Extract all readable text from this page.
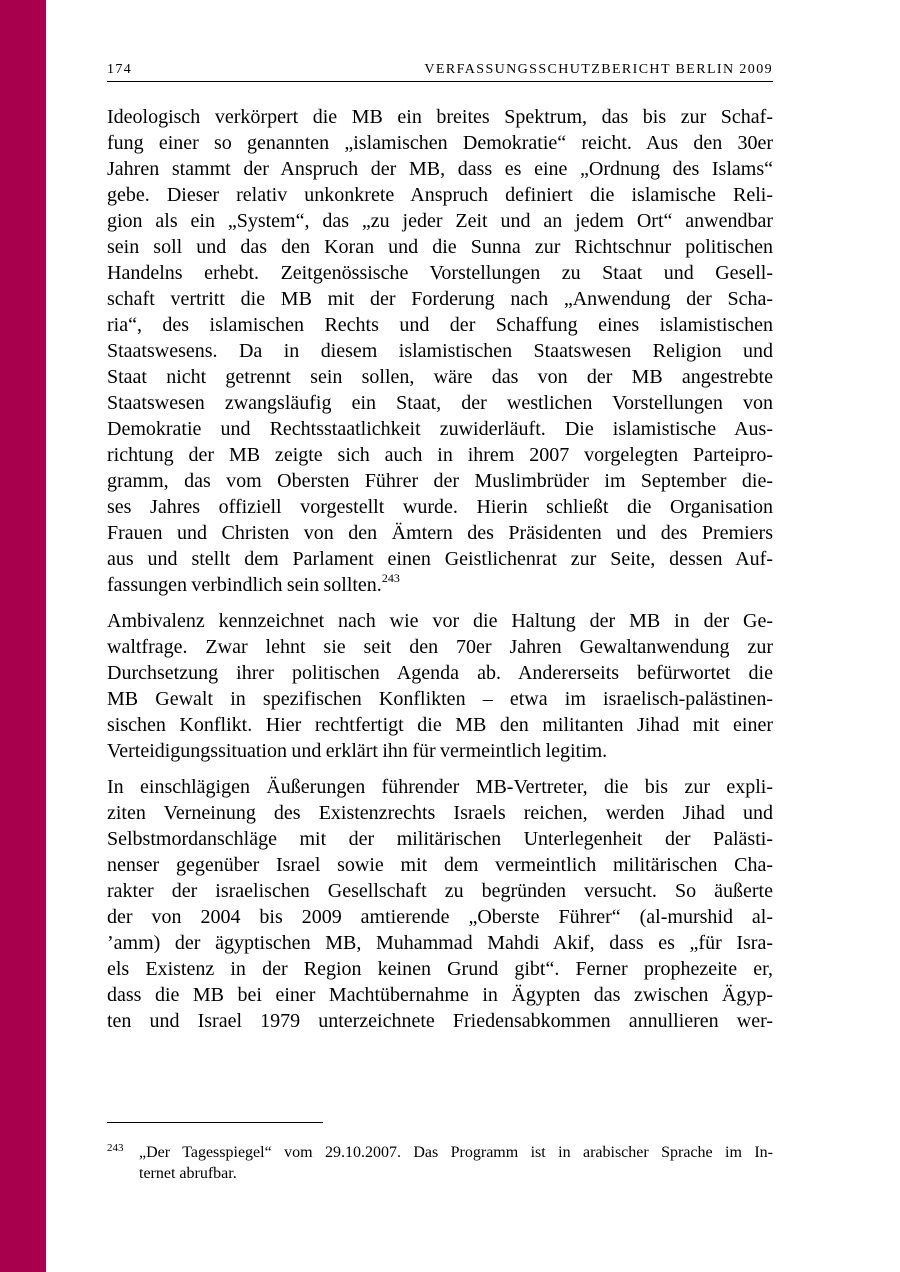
174	VERFASSUNGSSCHUTZBERICHT BERLIN 2009

Ideologisch verkörpert die MB ein breites Spektrum, das bis zur Schaf-
fung einer so genannten „islamischen Demokratie“ reicht. Aus den 30er
Jahren stammt der Anspruch der MB, dass es eine „Ordnung des Islams“
gebe. Dieser relativ unkonkrete Anspruch definiert die islamische Reli-
gion als ein „System“, das „zu jeder Zeit und an jedem Ort“ anwendbar
sein soll und das den Koran und die Sunna zur Richtschnur politischen
Handelns erhebt. Zeitgenössische Vorstellungen zu Staat und Gesell-
schaft vertritt die MB mit der Forderung nach „Anwendung der Scha-
ria“, des islamischen Rechts und der Schaffung eines islamistischen
Staatswesens. Da in diesem islamistischen Staatswesen Religion und
Staat nicht getrennt sein sollen, wäre das von der MB angestrebte
Staatswesen zwangsläufig ein Staat, der westlichen Vorstellungen von
Demokratie und Rechtsstaatlichkeit zuwiderläuft. Die islamistische Aus-
richtung der MB zeigte sich auch in ihrem 2007 vorgelegten Parteipro-
gramm, das vom Obersten Führer der Muslimbrüder im September die-
ses Jahres offiziell vorgestellt wurde. Hierin schließt die Organisation
Frauen und Christen von den Ämtern des Präsidenten und des Premiers
aus und stellt dem Parlament einen Geistlichenrat zur Seite, dessen Auf-
fassungen verbindlich sein sollten.$^{243}$

Ambivalenz kennzeichnet nach wie vor die Haltung der MB in der Ge-
waltfrage. Zwar lehnt sie seit den 70er Jahren Gewaltanwendung zur
Durchsetzung ihrer politischen Agenda ab. Andererseits befürwortet die
MB Gewalt in spezifischen Konflikten – etwa im israelisch-palästinen-
sischen Konflikt. Hier rechtfertigt die MB den militanten Jihad mit einer
Verteidigungssituation und erklärt ihn für vermeintlich legitim.

In einschlägigen Äußerungen führender MB-Vertreter, die bis zur expli-
ziten Verneinung des Existenzrechts Israels reichen, werden Jihad und
Selbstmordanschläge mit der militärischen Unterlegenheit der Palästi-
nenser gegenüber Israel sowie mit dem vermeintlich militärischen Cha-
rakter der israelischen Gesellschaft zu begründen versucht. So äußerte
der von 2004 bis 2009 amtierende „Oberste Führer“ (al-murshid al-
’amm) der ägyptischen MB, Muhammad Mahdi Akif, dass es „für Isra-
els Existenz in der Region keinen Grund gibt“. Ferner prophezeite er,
dass die MB bei einer Machtübernahme in Ägypten das zwischen Ägyp-
ten und Israel 1979 unterzeichnete Friedensabkommen annullieren wer-

243 „Der Tagesspiegel“ vom 29.10.2007. Das Programm ist in arabischer Sprache im In-
ternet abrufbar.
